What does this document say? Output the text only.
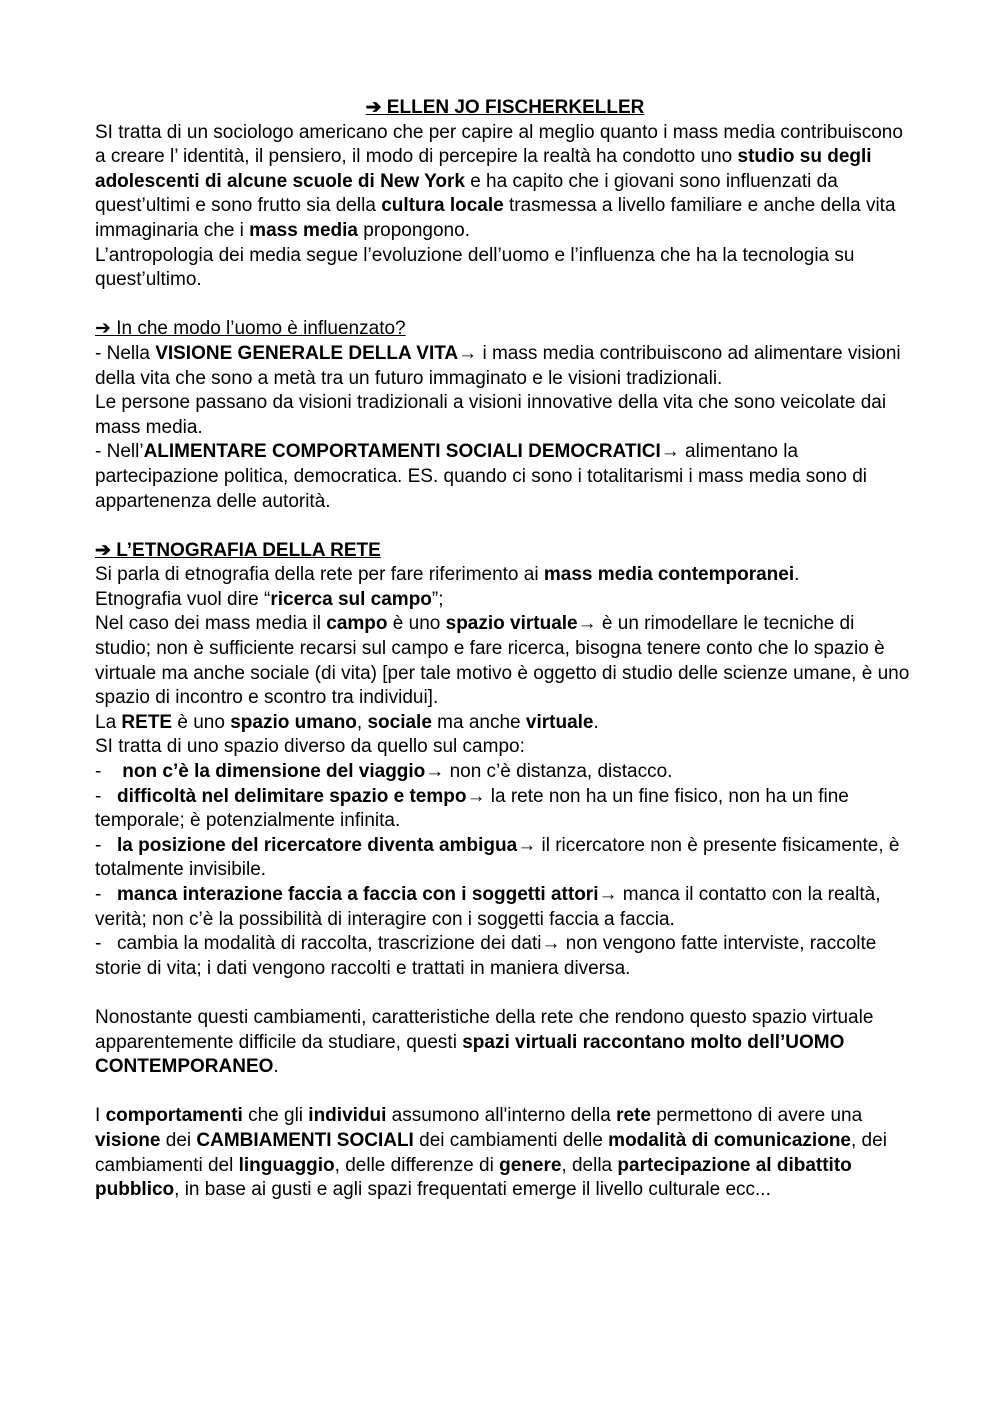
➔ ELLEN JO FISCHERKELLER

SI tratta di un sociologo americano che per capire al meglio quanto i mass media contribuiscono a creare l’ identità, il pensiero, il modo di percepire la realtà ha condotto uno studio su degli adolescenti di alcune scuole di New York e ha capito che i giovani sono influenzati da quest’ultimi e sono frutto sia della cultura locale trasmessa a livello familiare e anche della vita immaginaria che i mass media propongono.

L’antropologia dei media segue l’evoluzione dell’uomo e l’influenza che ha la tecnologia su quest’ultimo.

➔ In che modo l’uomo è influenzato?

- Nella VISIONE GENERALE DELLA VITA→ i mass media contribuiscono ad alimentare visioni della vita che sono a metà tra un futuro immaginato e le visioni tradizionali.

Le persone passano da visioni tradizionali a visioni innovative della vita che sono veicolate dai mass media.

- Nell’ALIMENTARE COMPORTAMENTI SOCIALI DEMOCRATICI→ alimentano la partecipazione politica, democratica. ES. quando ci sono i totalitarismi i mass media sono di appartenenza delle autorità.

➔ L’ETNOGRAFIA DELLA RETE

Si parla di etnografia della rete per fare riferimento ai mass media contemporanei.

Etnografia vuol dire “ricerca sul campo”;

Nel caso dei mass media il campo è uno spazio virtuale→ è un rimodellare le tecniche di studio; non è sufficiente recarsi sul campo e fare ricerca, bisogna tenere conto che lo spazio è virtuale ma anche sociale (di vita) [per tale motivo è oggetto di studio delle scienze umane, è uno spazio di incontro e scontro tra individui].

La RETE è uno spazio umano, sociale ma anche virtuale.

SI tratta di uno spazio diverso da quello sul campo:

- non c’è la dimensione del viaggio→ non c’è distanza, distacco.

- difficoltà nel delimitare spazio e tempo→ la rete non ha un fine fisico, non ha un fine temporale; è potenzialmente infinita.

- la posizione del ricercatore diventa ambigua→ il ricercatore non è presente fisicamente, è totalmente invisibile.

- manca interazione faccia a faccia con i soggetti attori→ manca il contatto con la realtà, verità; non c’è la possibilità di interagire con i soggetti faccia a faccia.

- cambia la modalità di raccolta, trascrizione dei dati→ non vengono fatte interviste, raccolte storie di vita; i dati vengono raccolti e trattati in maniera diversa.

Nonostante questi cambiamenti, caratteristiche della rete che rendono questo spazio virtuale apparentemente difficile da studiare, questi spazi virtuali raccontano molto dell’UOMO CONTEMPORANEO.

I comportamenti che gli individui assumono all'interno della rete permettono di avere una visione dei CAMBIAMENTI SOCIALI dei cambiamenti delle modalità di comunicazione, dei cambiamenti del linguaggio, delle differenze di genere, della partecipazione al dibattito pubblico, in base ai gusti e agli spazi frequentati emerge il livello culturale ecc...
